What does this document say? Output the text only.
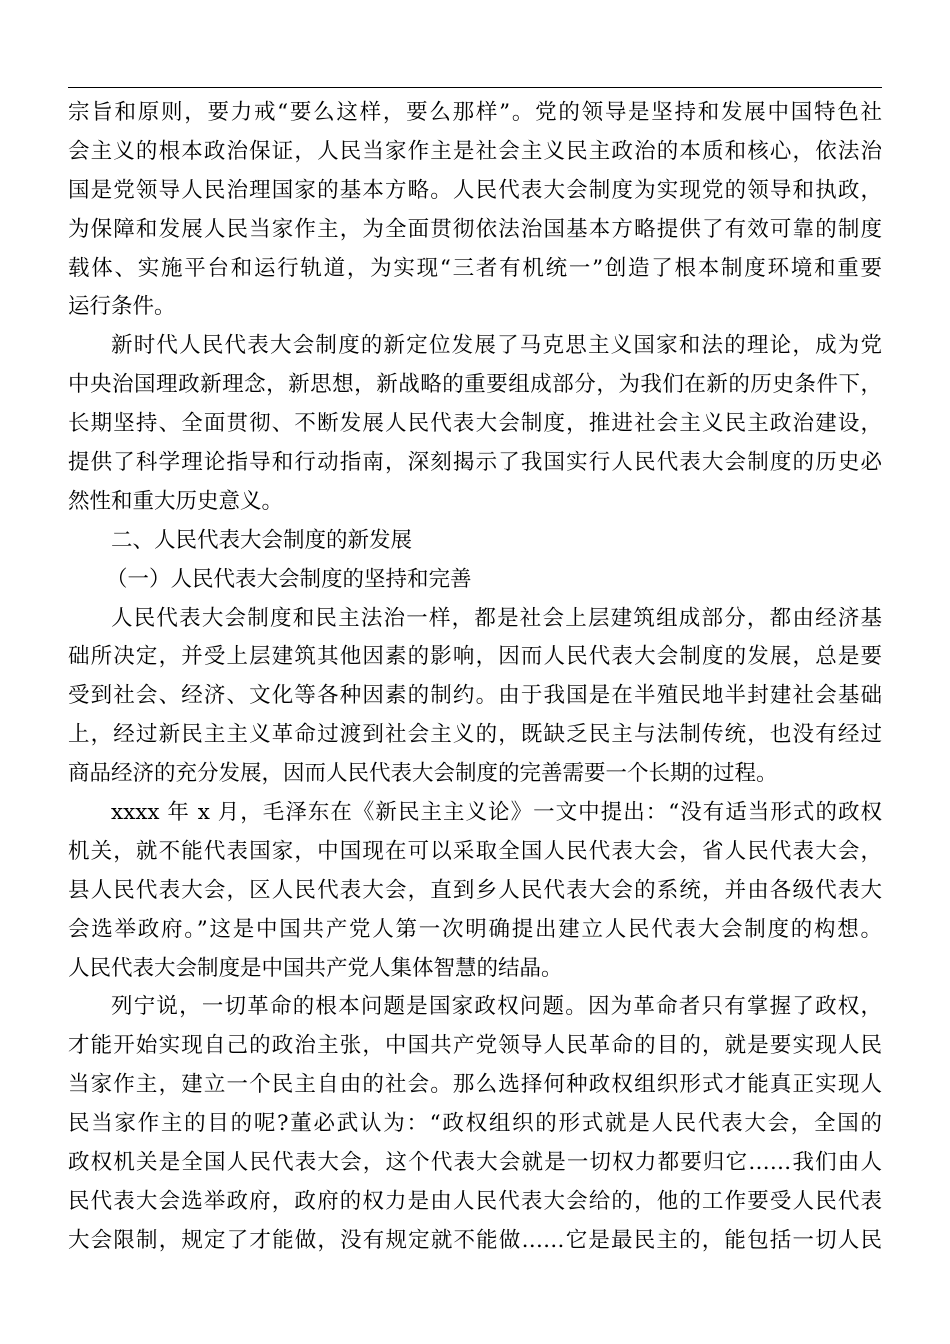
宗旨和原则，要力戒“要么这样，要么那样”。党的领导是坚持和发展中国特色社
会主义的根本政治保证，人民当家作主是社会主义民主政治的本质和核心，依法治
国是党领导人民治理国家的基本方略。人民代表大会制度为实现党的领导和执政，
为保障和发展人民当家作主，为全面贯彻依法治国基本方略提供了有效可靠的制度
载体、实施平台和运行轨道，为实现“三者有机统一”创造了根本制度环境和重要
运行条件。
新时代人民代表大会制度的新定位发展了马克思主义国家和法的理论，成为党
中央治国理政新理念，新思想，新战略的重要组成部分，为我们在新的历史条件下，
长期坚持、全面贯彻、不断发展人民代表大会制度，推进社会主义民主政治建设，
提供了科学理论指导和行动指南，深刻揭示了我国实行人民代表大会制度的历史必
然性和重大历史意义。
二、人民代表大会制度的新发展
（一）人民代表大会制度的坚持和完善
人民代表大会制度和民主法治一样，都是社会上层建筑组成部分，都由经济基
础所决定，并受上层建筑其他因素的影响，因而人民代表大会制度的发展，总是要
受到社会、经济、文化等各种因素的制约。由于我国是在半殖民地半封建社会基础
上，经过新民主主义革命过渡到社会主义的，既缺乏民主与法制传统，也没有经过
商品经济的充分发展，因而人民代表大会制度的完善需要一个长期的过程。
xxxx 年 x 月，毛泽东在《新民主主义论》一文中提出：“没有适当形式的政权
机关，就不能代表国家，中国现在可以采取全国人民代表大会，省人民代表大会，
县人民代表大会，区人民代表大会，直到乡人民代表大会的系统，并由各级代表大
会选举政府。”这是中国共产党人第一次明确提出建立人民代表大会制度的构想。
人民代表大会制度是中国共产党人集体智慧的结晶。
列宁说，一切革命的根本问题是国家政权问题。因为革命者只有掌握了政权，
才能开始实现自己的政治主张，中国共产党领导人民革命的目的，就是要实现人民
当家作主，建立一个民主自由的社会。那么选择何种政权组织形式才能真正实现人
民当家作主的目的呢?董必武认为：“政权组织的形式就是人民代表大会，全国的
政权机关是全国人民代表大会，这个代表大会就是一切权力都要归它……我们由人
民代表大会选举政府，政府的权力是由人民代表大会给的，他的工作要受人民代表
大会限制，规定了才能做，没有规定就不能做……它是最民主的，能包括一切人民
